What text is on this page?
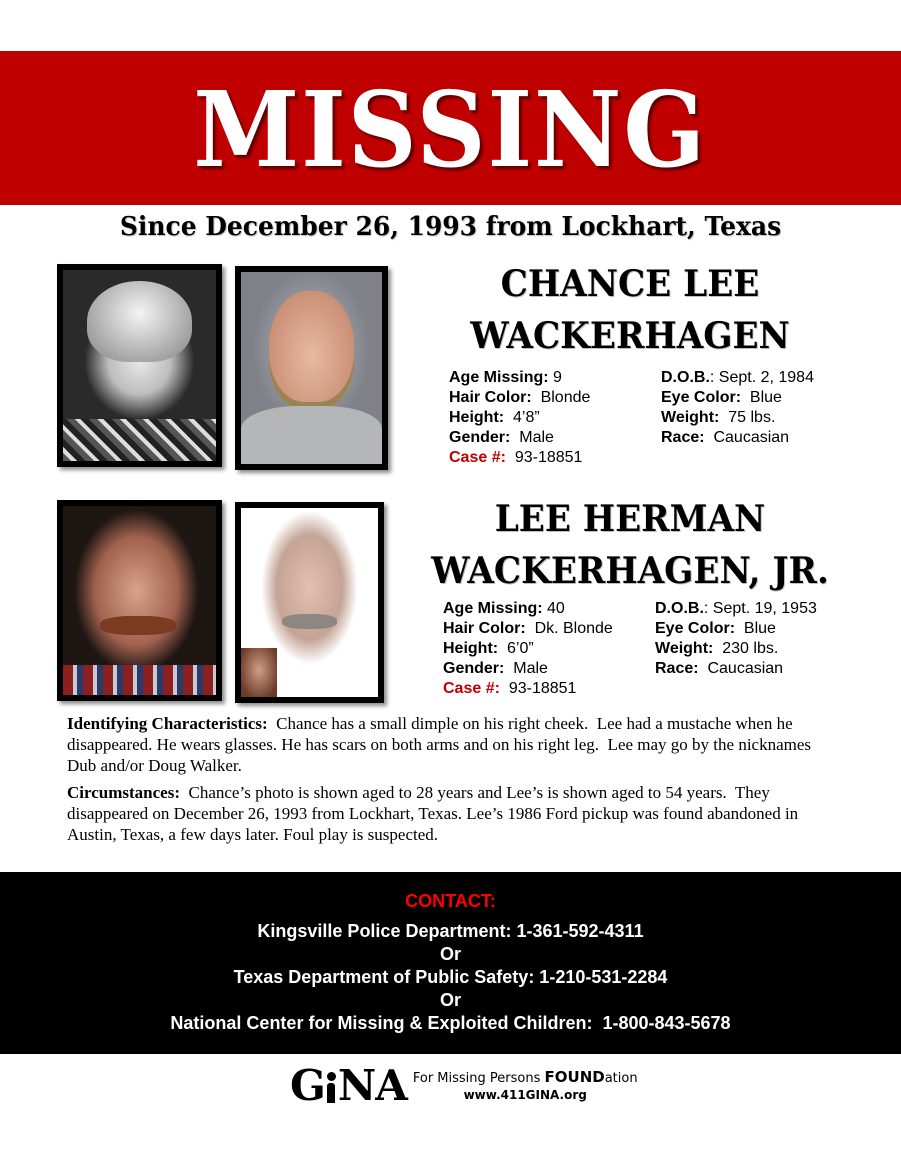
MISSING
Since December 26, 1993 from Lockhart, Texas
CHANCE LEE
WACKERHAGEN
Age Missing: 9
Hair Color:  Blonde
Height:  4’8”
Gender:  Male
Case #:  93-18851
D.O.B.: Sept. 2, 1984
Eye Color:  Blue
Weight:  75 lbs.
Race:  Caucasian
LEE HERMAN
WACKERHAGEN, JR.
Age Missing: 40
Hair Color:  Dk. Blonde
Height:  6’0”
Gender:  Male
Case #:  93-18851
D.O.B.: Sept. 19, 1953
Eye Color:  Blue
Weight:  230 lbs.
Race:  Caucasian
Identifying Characteristics:  Chance has a small dimple on his right cheek.  Lee had a mustache when he disappeared. He wears glasses. He has scars on both arms and on his right leg.  Lee may go by the nicknames Dub and/or Doug Walker.
Circumstances:  Chance’s photo is shown aged to 28 years and Lee’s is shown aged to 54 years.  They disappeared on December 26, 1993 from Lockhart, Texas. Lee’s 1986 Ford pickup was found abandoned in Austin, Texas, a few days later. Foul play is suspected.
CONTACT:
Kingsville Police Department: 1-361-592-4311
Or
Texas Department of Public Safety: 1-210-531-2284
Or
National Center for Missing & Exploited Children:  1-800-843-5678
G NA For Missing Persons FOUNDation
www.411GINA.org
